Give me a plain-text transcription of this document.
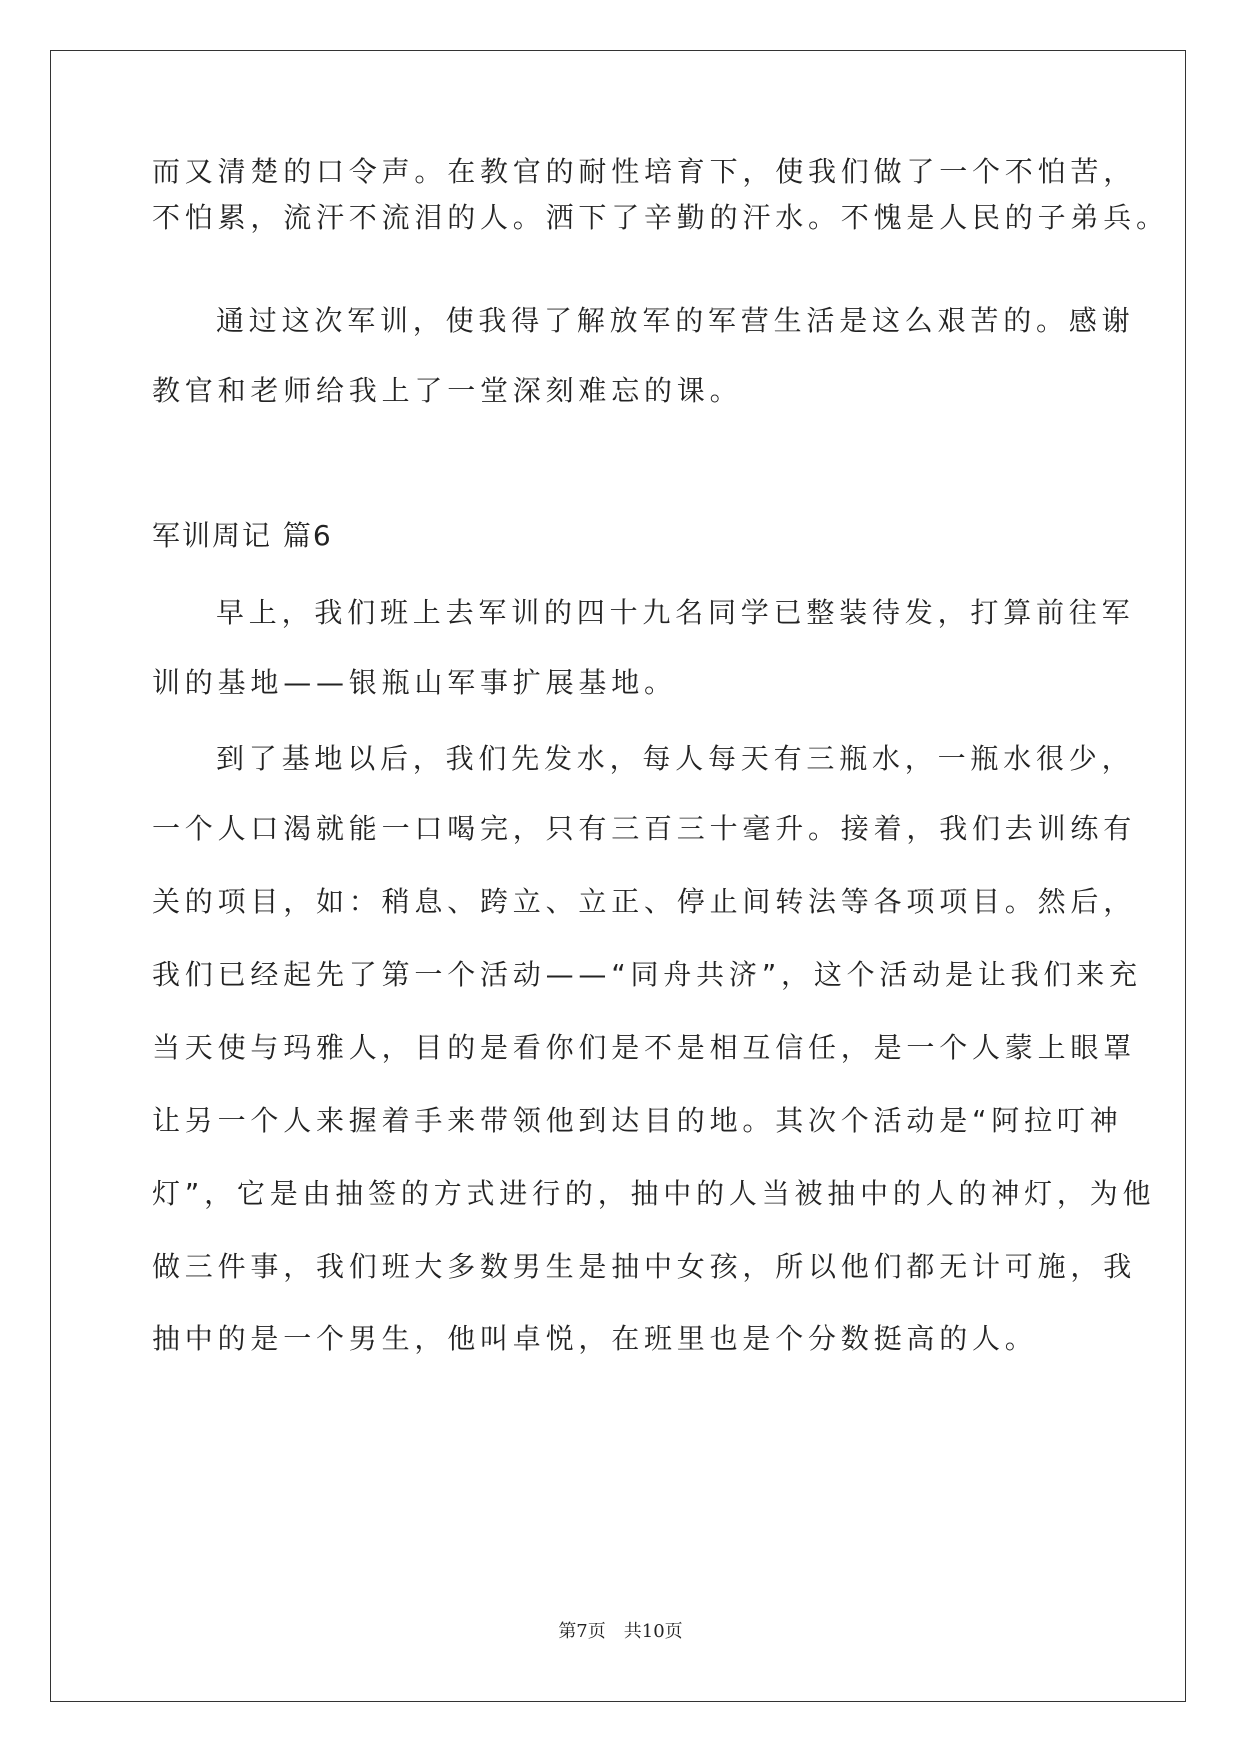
而又清楚的口令声。在教官的耐性培育下，使我们做了一个不怕苦，
不怕累，流汗不流泪的人。洒下了辛勤的汗水。不愧是人民的子弟兵。
通过这次军训，使我得了解放军的军营生活是这么艰苦的。感谢
教官和老师给我上了一堂深刻难忘的课。
军训周记 篇6
早上，我们班上去军训的四十九名同学已整装待发，打算前往军
训的基地——银瓶山军事扩展基地。
到了基地以后，我们先发水，每人每天有三瓶水，一瓶水很少，
一个人口渴就能一口喝完，只有三百三十毫升。接着，我们去训练有
关的项目，如：稍息、跨立、立正、停止间转法等各项项目。然后，
我们已经起先了第一个活动——“同舟共济”，这个活动是让我们来充
当天使与玛雅人，目的是看你们是不是相互信任，是一个人蒙上眼罩
让另一个人来握着手来带领他到达目的地。其次个活动是“阿拉叮神
灯”，它是由抽签的方式进行的，抽中的人当被抽中的人的神灯，为他
做三件事，我们班大多数男生是抽中女孩，所以他们都无计可施，我
抽中的是一个男生，他叫卓悦，在班里也是个分数挺高的人。
第7页　共10页
